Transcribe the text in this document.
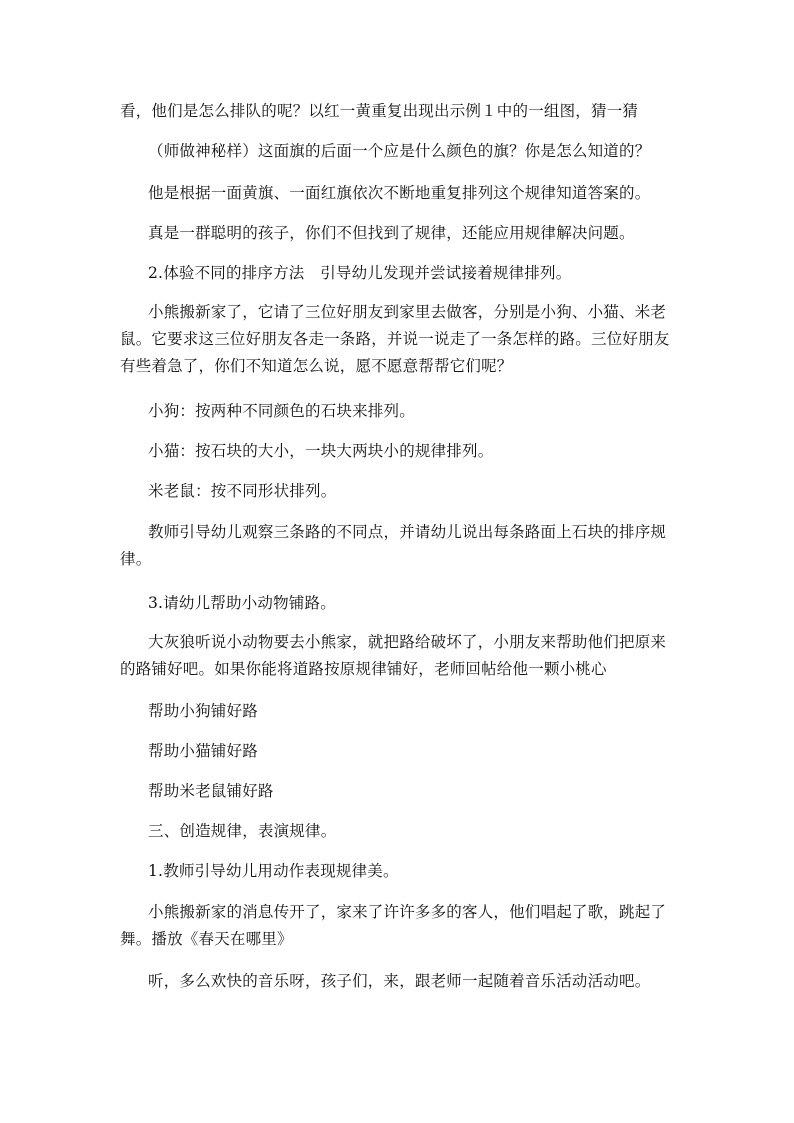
看，他们是怎么排队的呢？以红一黄重复出现出示例１中的一组图，猜一猜
（师做神秘样）这面旗的后面一个应是什么颜色的旗？你是怎么知道的？
他是根据一面黄旗、一面红旗依次不断地重复排列这个规律知道答案的。
真是一群聪明的孩子，你们不但找到了规律，还能应用规律解决问题。
2.体验不同的排序方法　引导幼儿发现并尝试接着规律排列。
小熊搬新家了，它请了三位好朋友到家里去做客，分别是小狗、小猫、米老
鼠。它要求这三位好朋友各走一条路，并说一说走了一条怎样的路。三位好朋友
有些着急了，你们不知道怎么说，愿不愿意帮帮它们呢？
小狗：按两种不同颜色的石块来排列。
小猫：按石块的大小，一块大两块小的规律排列。
米老鼠：按不同形状排列。
教师引导幼儿观察三条路的不同点，并请幼儿说出每条路面上石块的排序规
律。
3.请幼儿帮助小动物铺路。
大灰狼听说小动物要去小熊家，就把路给破坏了，小朋友来帮助他们把原来
的路铺好吧。如果你能将道路按原规律铺好，老师回帖给他一颗小桃心
帮助小狗铺好路
帮助小猫铺好路
帮助米老鼠铺好路
三、创造规律，表演规律。
1.教师引导幼儿用动作表现规律美。
小熊搬新家的消息传开了，家来了许许多多的客人，他们唱起了歌，跳起了
舞。播放《春天在哪里》
听，多么欢快的音乐呀，孩子们，来，跟老师一起随着音乐活动活动吧。
